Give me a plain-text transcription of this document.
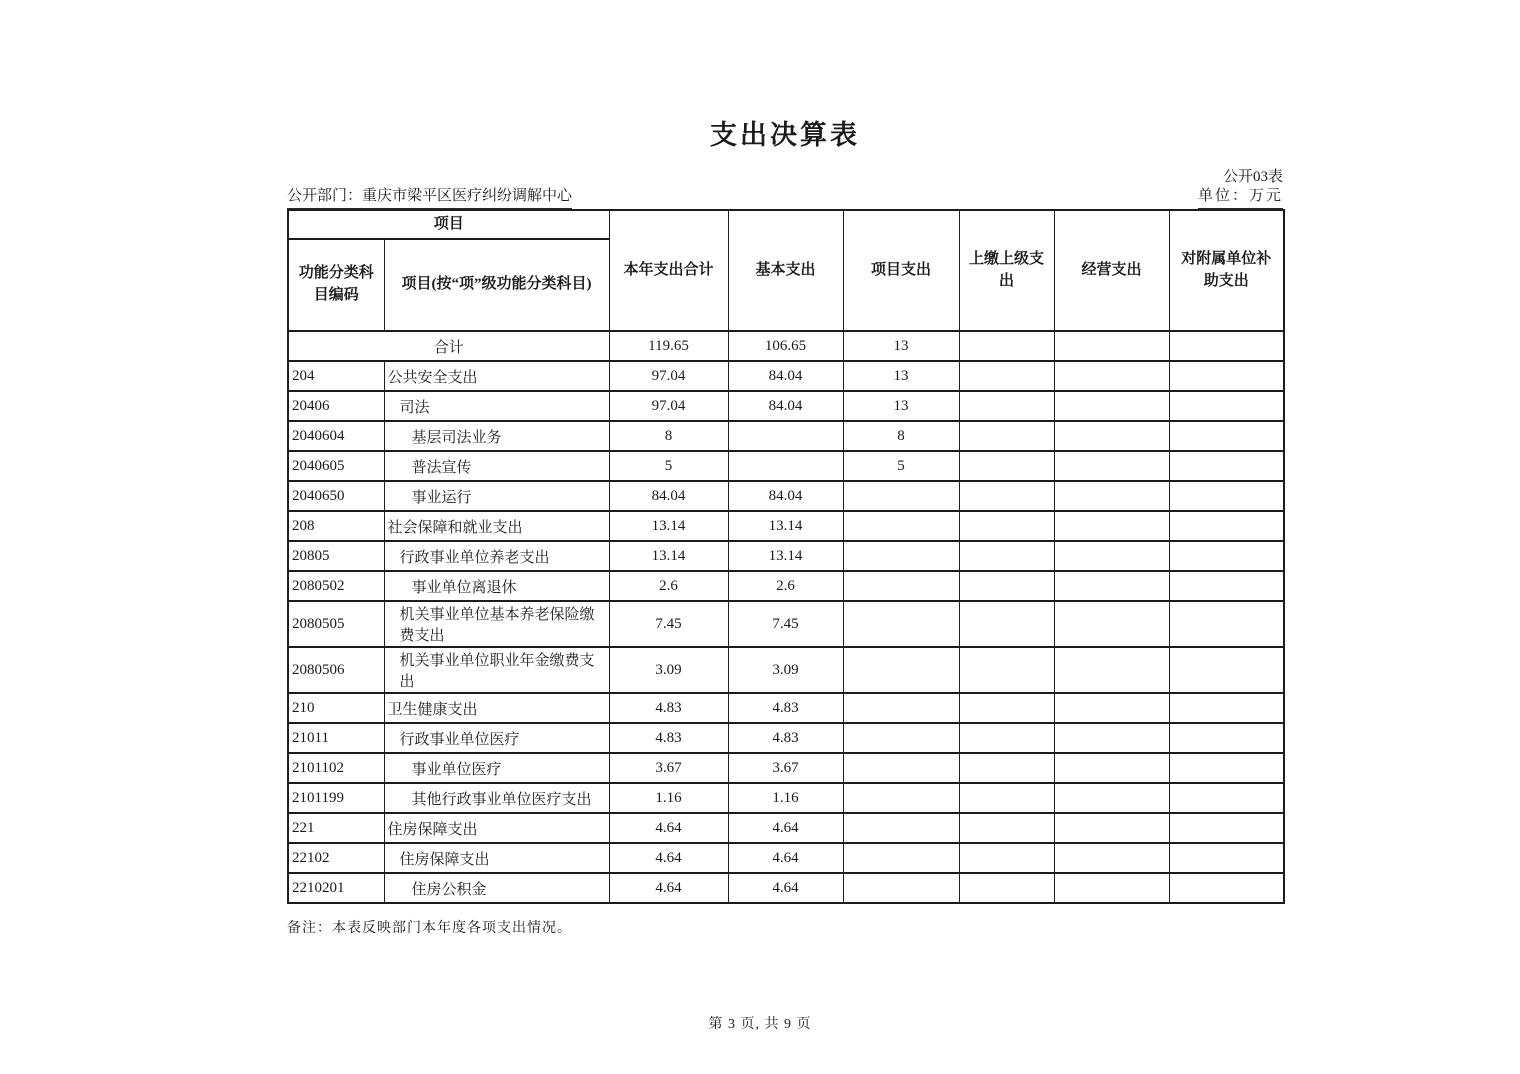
支出决算表
公开03表
公开部门：重庆市梁平区医疗纠纷调解中心	单位：万元
项目		本年支出合计	基本支出	项目支出	上缴上级支出	经营支出	对附属单位补助支出
功能分类科目编码	项目(按“项”级功能分类科目)						
合计		119.65	106.65	13			
204	公共安全支出	97.04	84.04	13			
20406	司法	97.04	84.04	13			
2040604	基层司法业务	8		8			
2040605	普法宣传	5		5			
2040650	事业运行	84.04	84.04				
208	社会保障和就业支出	13.14	13.14				
20805	行政事业单位养老支出	13.14	13.14				
2080502	事业单位离退休	2.6	2.6				
2080505	机关事业单位基本养老保险缴费支出	7.45	7.45				
2080506	机关事业单位职业年金缴费支出	3.09	3.09				
210	卫生健康支出	4.83	4.83				
21011	行政事业单位医疗	4.83	4.83				
2101102	事业单位医疗	3.67	3.67				
2101199	其他行政事业单位医疗支出	1.16	1.16				
221	住房保障支出	4.64	4.64				
22102	住房保障支出	4.64	4.64				
2210201	住房公积金	4.64	4.64				
备注：本表反映部门本年度各项支出情况。
第 3 页, 共 9 页
